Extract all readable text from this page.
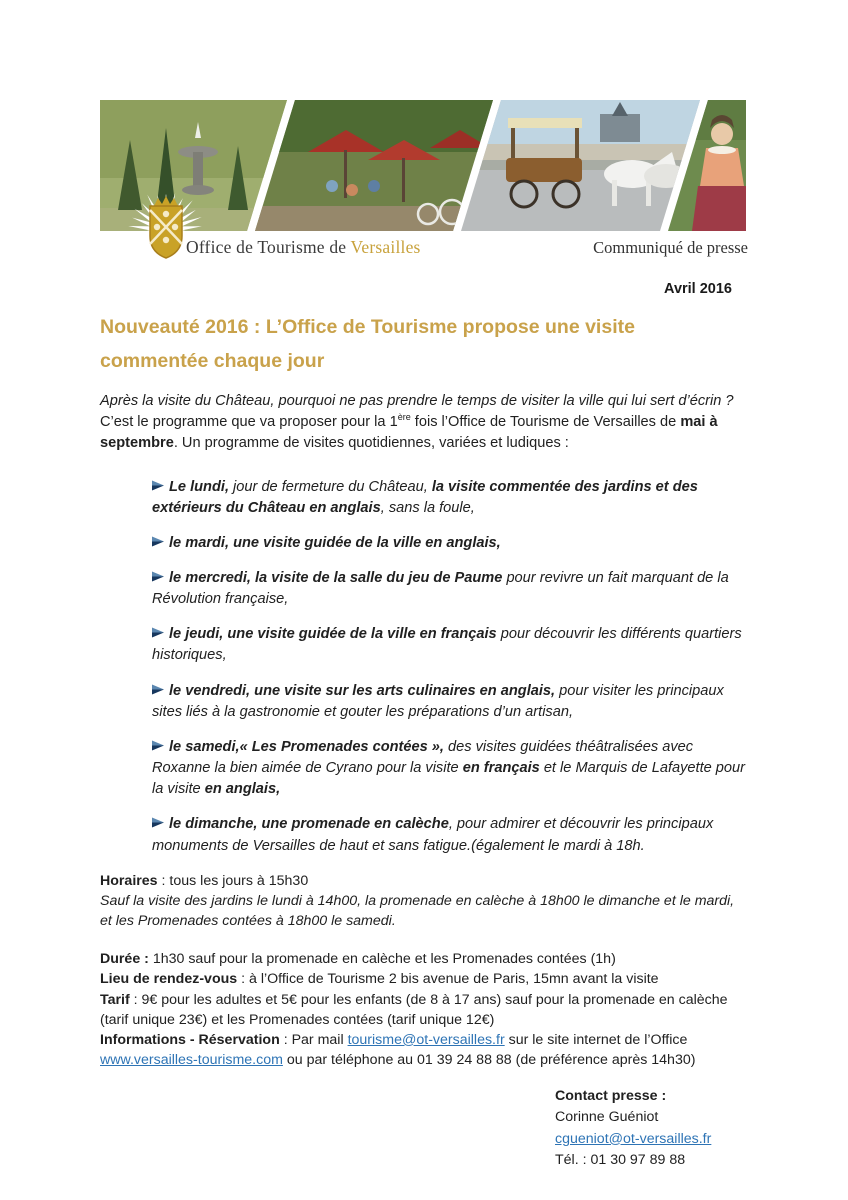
Office de Tourisme de Versailles	Communiqué de presse
Avril 2016
Nouveauté 2016 : L’Office de Tourisme propose une visite commentée chaque jour

Après la visite du Château, pourquoi ne pas prendre le temps de visiter la ville qui lui sert d’écrin ? C’est le programme que va proposer pour la 1ère fois l’Office de Tourisme de Versailles de mai à septembre. Un programme de visites quotidiennes, variées et ludiques :

Le lundi, jour de fermeture du Château, la visite commentée des jardins et des extérieurs du Château en anglais, sans la foule,
le mardi, une visite guidée de la ville en anglais,
le mercredi, la visite de la salle du jeu de Paume pour revivre un fait marquant de la Révolution française,
le jeudi, une visite guidée de la ville en français pour découvrir les différents quartiers historiques,
le vendredi, une visite sur les arts culinaires en anglais, pour visiter les principaux sites liés à la gastronomie et gouter les préparations d’un artisan,
le samedi,« Les Promenades contées », des visites guidées théâtralisées avec Roxanne la bien aimée de Cyrano pour la visite en français et le Marquis de Lafayette pour la visite en anglais,
le dimanche, une promenade en calèche, pour admirer et découvrir les principaux monuments de Versailles de haut et sans fatigue.(également le mardi à 18h.

Horaires : tous les jours à 15h30

Sauf la visite des jardins le lundi à 14h00, la promenade en calèche à 18h00 le dimanche et le mardi, et les Promenades contées à 18h00 le samedi.

Durée : 1h30 sauf pour la promenade en calèche et les Promenades contées (1h)

Lieu de rendez-vous : à l’Office de Tourisme 2 bis avenue de Paris, 15mn avant la visite

Tarif : 9€ pour les adultes et 5€ pour les enfants (de 8 à 17 ans) sauf pour la promenade en calèche (tarif unique 23€) et les Promenades contées (tarif unique 12€)

Informations - Réservation : Par mail tourisme@ot-versailles.fr sur le site internet de l’Office www.versailles-tourisme.com ou par téléphone au 01 39 24 88 88 (de préférence après 14h30)

Contact presse :
Corinne Guéniot
cgueniot@ot-versailles.fr
Tél. : 01 30 97 89 88
